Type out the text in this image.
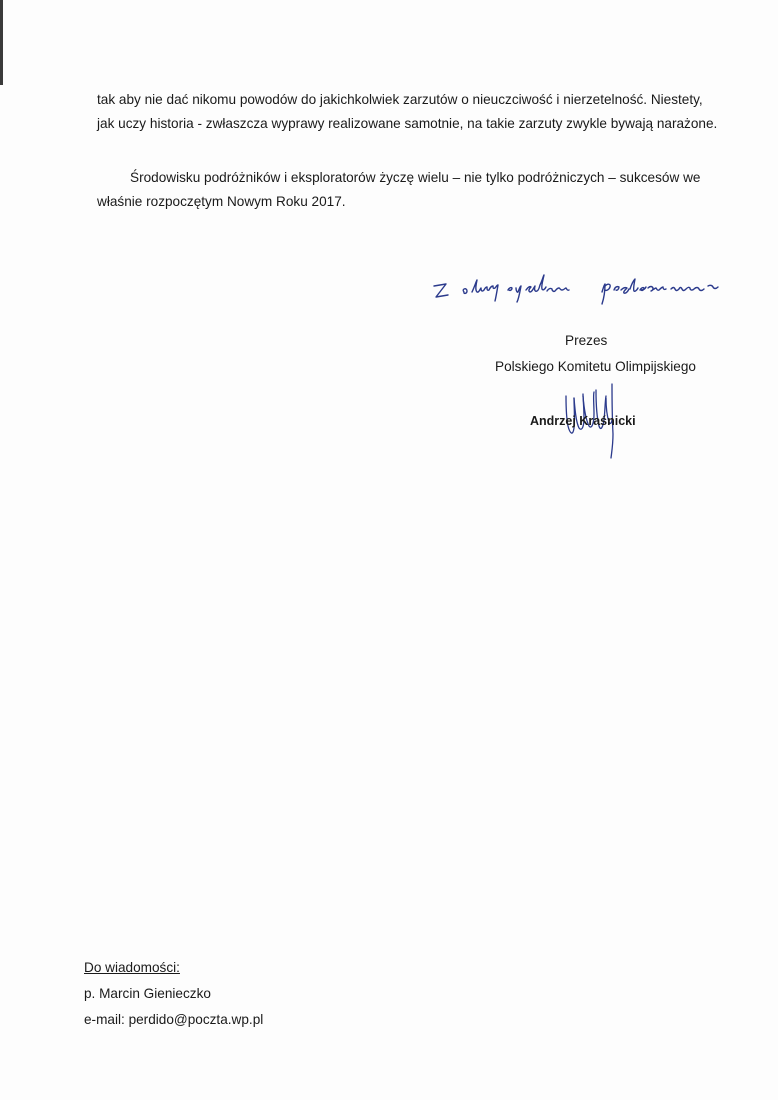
tak aby nie dać nikomu powodów do jakichkolwiek zarzutów o nieuczciwość i nierzetelność. Niestety,
jak uczy historia - zwłaszcza wyprawy realizowane samotnie, na takie zarzuty zwykle bywają narażone.

Środowisku podróżników i eksploratorów życzę wielu – nie tylko podróżniczych – sukcesów we
właśnie rozpoczętym Nowym Roku 2017.

Prezes
Polskiego Komitetu Olimpijskiego
Andrzej Kraśnicki
Do wiadomości:
p. Marcin Gienieczko
e-mail: perdido@poczta.wp.pl
